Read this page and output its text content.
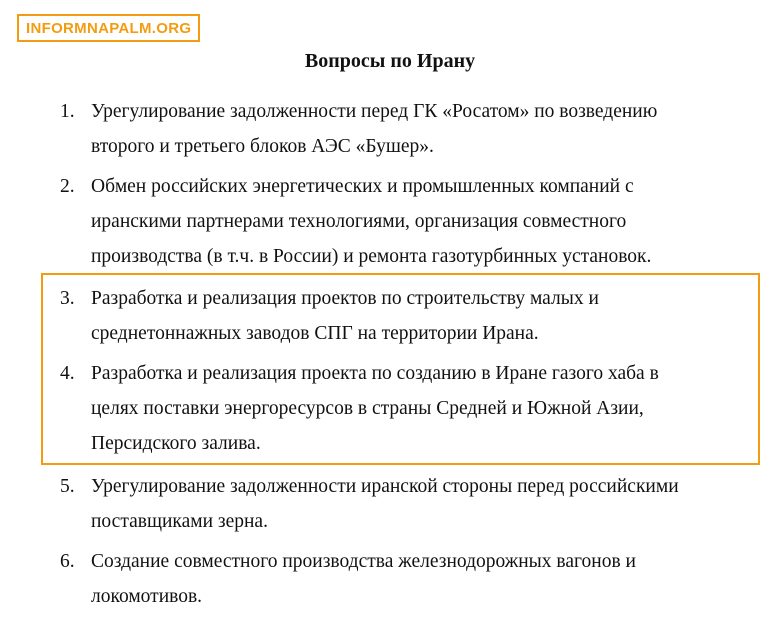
INFORMNAPALM.ORG
Вопросы по Ирану
1. Урегулирование задолженности перед ГК «Росатом» по возведению
второго и третьего блоков АЭС «Бушер».
2. Обмен российских энергетических и промышленных компаний с
иранскими партнерами технологиями, организация совместного
производства (в т.ч. в России) и ремонта газотурбинных установок.
3. Разработка и реализация проектов по строительству малых и
среднетоннажных заводов СПГ на территории Ирана.
4. Разработка и реализация проекта по созданию в Иране газого хаба в
целях поставки энергоресурсов в страны Средней и Южной Азии,
Персидского залива.
5. Урегулирование задолженности иранской стороны перед российскими
поставщиками зерна.
6. Создание совместного производства железнодорожных вагонов и
локомотивов.
